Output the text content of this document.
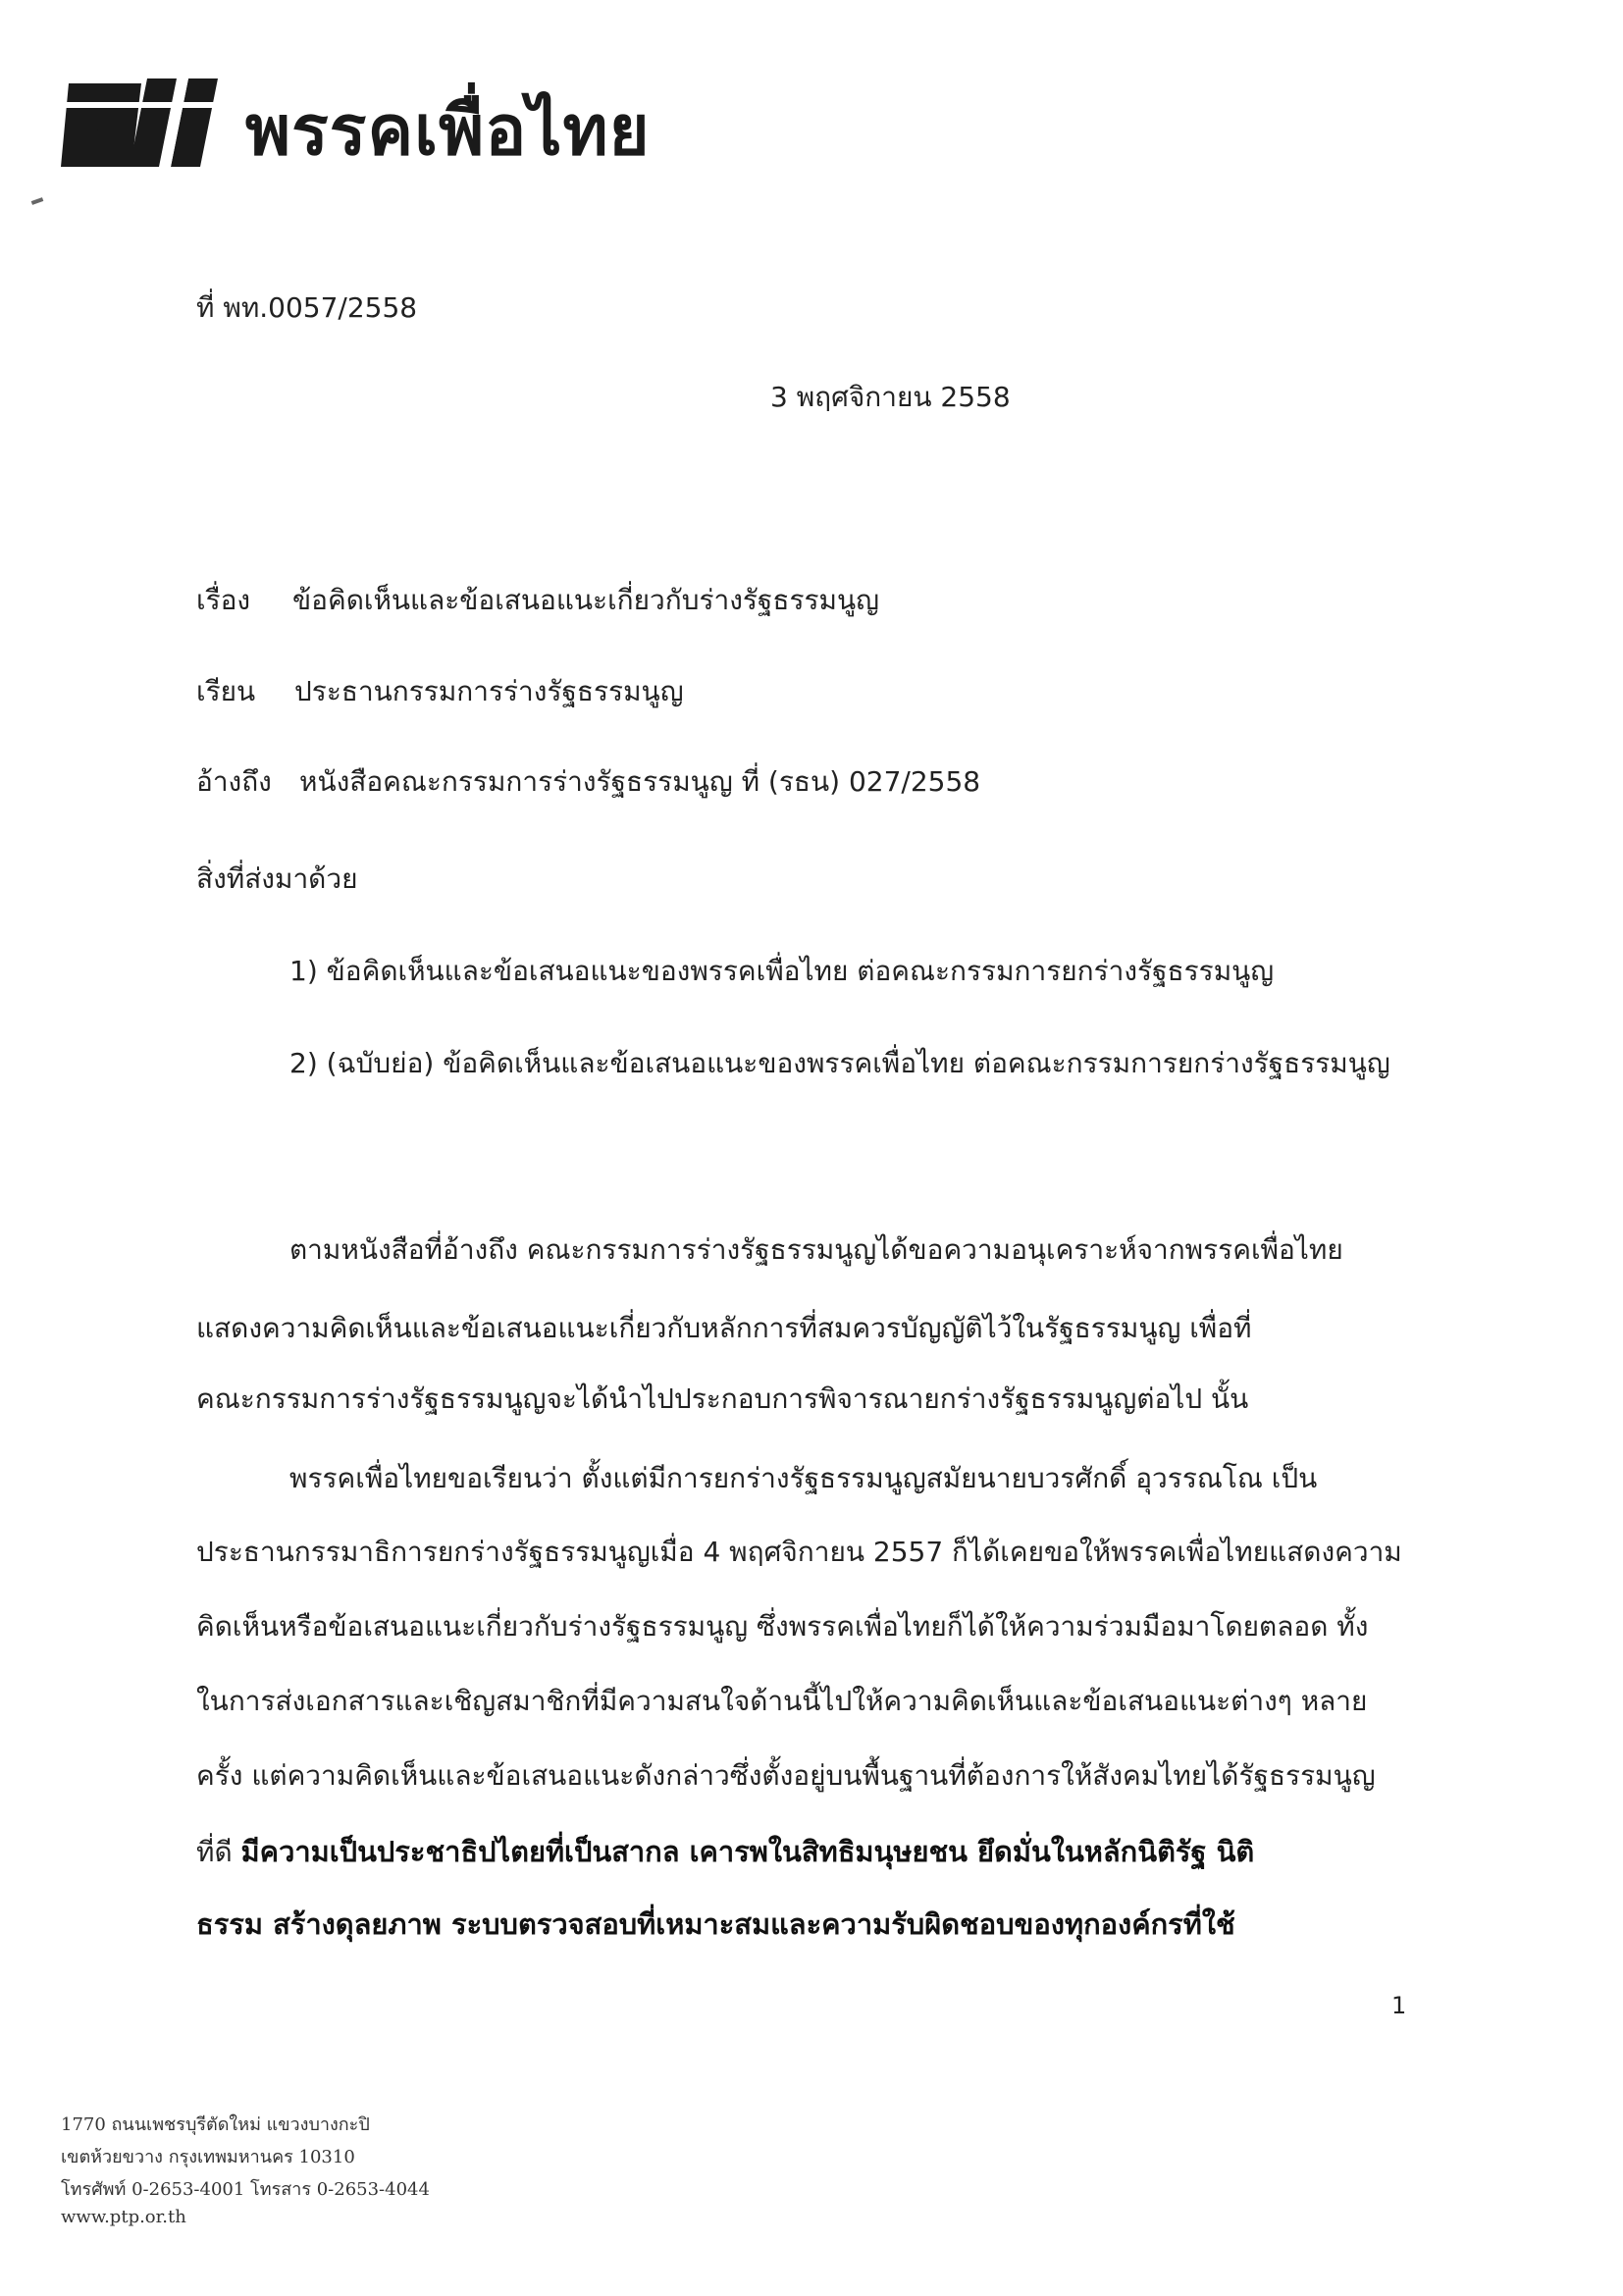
พรรคเพื่อไทย
ที่ พท.0057/2558
3 พฤศจิกายน 2558
เรื่อง ข้อคิดเห็นและข้อเสนอแนะเกี่ยวกับร่างรัฐธรรมนูญ
เรียน ประธานกรรมการร่างรัฐธรรมนูญ
อ้างถึง หนังสือคณะกรรมการร่างรัฐธรรมนูญ ที่ (รธน) 027/2558
สิ่งที่ส่งมาด้วย
1) ข้อคิดเห็นและข้อเสนอแนะของพรรคเพื่อไทย ต่อคณะกรรมการยกร่างรัฐธรรมนูญ
2) (ฉบับย่อ) ข้อคิดเห็นและข้อเสนอแนะของพรรคเพื่อไทย ต่อคณะกรรมการยกร่างรัฐธรรมนูญ
ตามหนังสือที่อ้างถึง คณะกรรมการร่างรัฐธรรมนูญได้ขอความอนุเคราะห์จากพรรคเพื่อไทย
แสดงความคิดเห็นและข้อเสนอแนะเกี่ยวกับหลักการที่สมควรบัญญัติไว้ในรัฐธรรมนูญ เพื่อที่
คณะกรรมการร่างรัฐธรรมนูญจะได้นำไปประกอบการพิจารณายกร่างรัฐธรรมนูญต่อไป นั้น
พรรคเพื่อไทยขอเรียนว่า ตั้งแต่มีการยกร่างรัฐธรรมนูญสมัยนายบวรศักดิ์ อุวรรณโณ เป็น
ประธานกรรมาธิการยกร่างรัฐธรรมนูญเมื่อ 4 พฤศจิกายน 2557 ก็ได้เคยขอให้พรรคเพื่อไทยแสดงความ
คิดเห็นหรือข้อเสนอแนะเกี่ยวกับร่างรัฐธรรมนูญ ซึ่งพรรคเพื่อไทยก็ได้ให้ความร่วมมือมาโดยตลอด ทั้ง
ในการส่งเอกสารและเชิญสมาชิกที่มีความสนใจด้านนี้ไปให้ความคิดเห็นและข้อเสนอแนะต่างๆ หลาย
ครั้ง แต่ความคิดเห็นและข้อเสนอแนะดังกล่าวซึ่งตั้งอยู่บนพื้นฐานที่ต้องการให้สังคมไทยได้รัฐธรรมนูญ
ที่ดี มีความเป็นประชาธิปไตยที่เป็นสากล เคารพในสิทธิมนุษยชน ยึดมั่นในหลักนิติรัฐ นิติ
ธรรม สร้างดุลยภาพ ระบบตรวจสอบที่เหมาะสมและความรับผิดชอบของทุกองค์กรที่ใช้
1
1770 ถนนเพชรบุรีตัดใหม่ แขวงบางกะปิ
เขตห้วยขวาง กรุงเทพมหานคร 10310
โทรศัพท์ 0-2653-4001 โทรสาร 0-2653-4044
www.ptp.or.th
